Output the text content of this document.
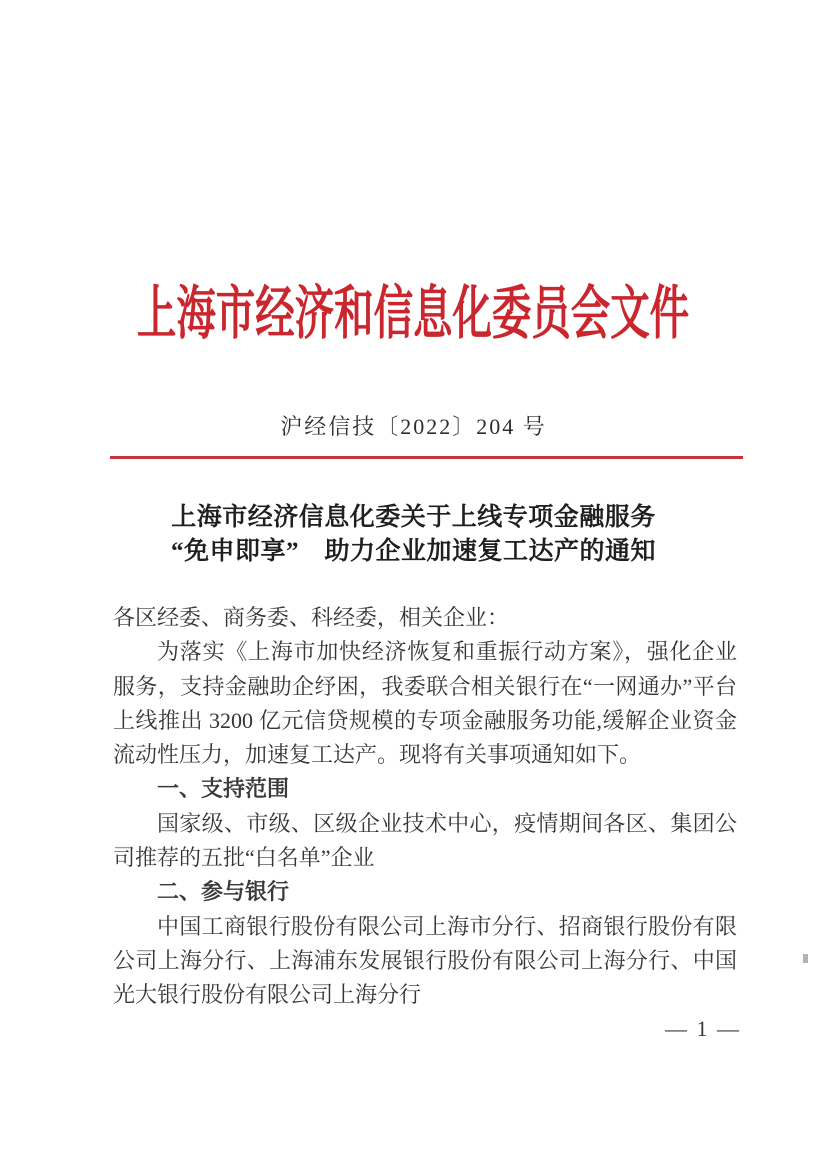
上海市经济和信息化委员会文件
沪经信技〔2022〕204 号
上海市经济信息化委关于上线专项金融服务
“免申即享”　助力企业加速复工达产的通知

各区经委、商务委、科经委，相关企业：

为落实《上海市加快经济恢复和重振行动方案》，强化企业服务，支持金融助企纾困，我委联合相关银行在“一网通办”平台上线推出 3200 亿元信贷规模的专项金融服务功能,缓解企业资金流动性压力，加速复工达产。现将有关事项通知如下。

一、支持范围

国家级、市级、区级企业技术中心，疫情期间各区、集团公司推荐的五批“白名单”企业

二、参与银行

中国工商银行股份有限公司上海市分行、招商银行股份有限公司上海分行、上海浦东发展银行股份有限公司上海分行、中国光大银行股份有限公司上海分行

— 1 —
